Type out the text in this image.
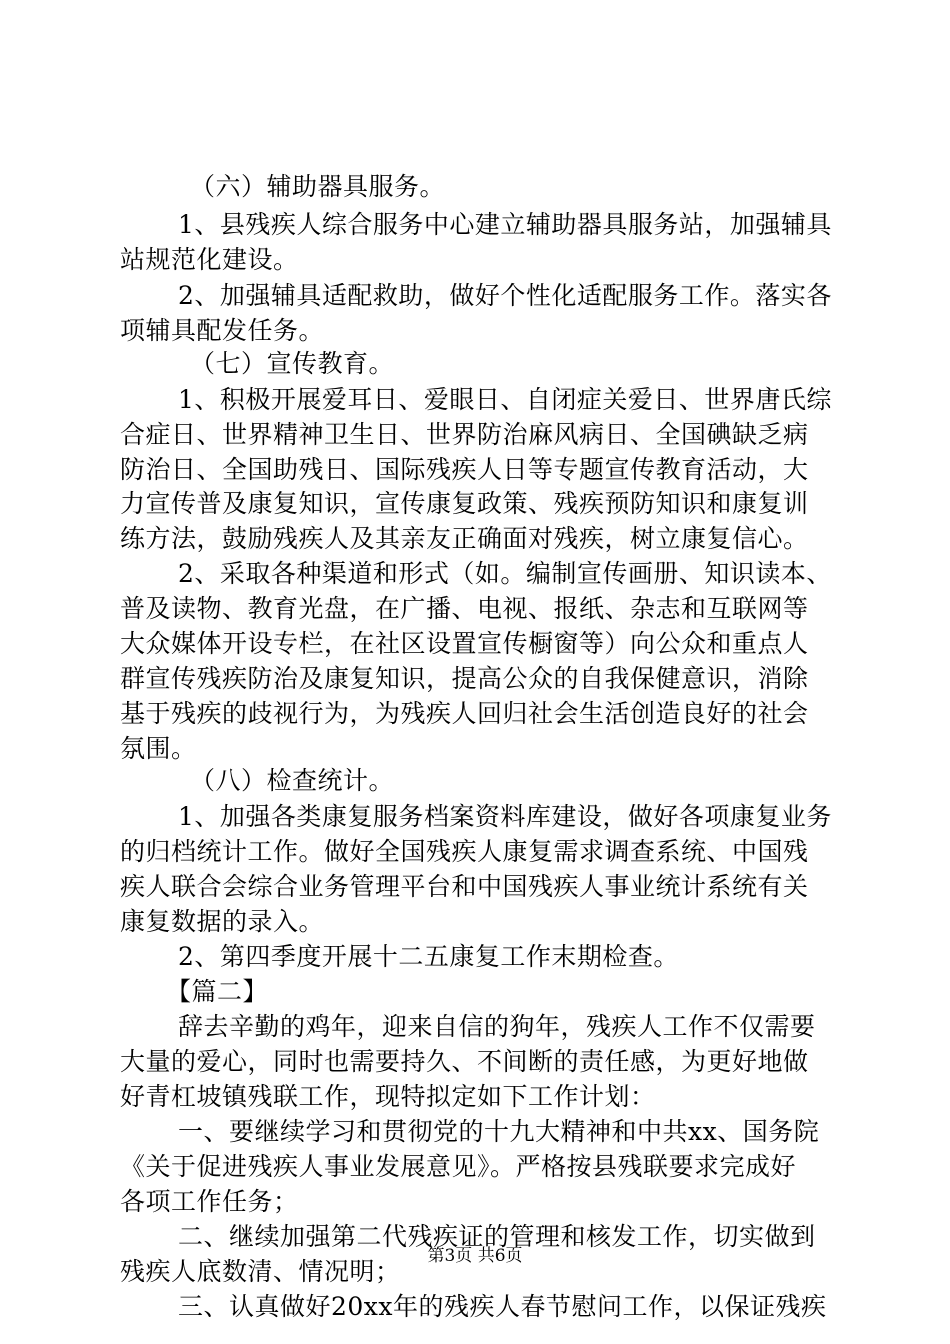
（六）辅助器具服务。
1、县残疾人综合服务中心建立辅助器具服务站，加强辅具
站规范化建设。
2、加强辅具适配救助，做好个性化适配服务工作。落实各
项辅具配发任务。
（七）宣传教育。
1、积极开展爱耳日、爱眼日、自闭症关爱日、世界唐氏综
合症日、世界精神卫生日、世界防治麻风病日、全国碘缺乏病
防治日、全国助残日、国际残疾人日等专题宣传教育活动，大
力宣传普及康复知识，宣传康复政策、残疾预防知识和康复训
练方法，鼓励残疾人及其亲友正确面对残疾，树立康复信心。
2、采取各种渠道和形式（如。编制宣传画册、知识读本、
普及读物、教育光盘，在广播、电视、报纸、杂志和互联网等
大众媒体开设专栏，在社区设置宣传橱窗等）向公众和重点人
群宣传残疾防治及康复知识，提高公众的自我保健意识，消除
基于残疾的歧视行为，为残疾人回归社会生活创造良好的社会
氛围。
（八）检查统计。
1、加强各类康复服务档案资料库建设，做好各项康复业务
的归档统计工作。做好全国残疾人康复需求调查系统、中国残
疾人联合会综合业务管理平台和中国残疾人事业统计系统有关
康复数据的录入。
2、第四季度开展十二五康复工作末期检查。
【篇二】
辞去辛勤的鸡年，迎来自信的狗年，残疾人工作不仅需要
大量的爱心，同时也需要持久、不间断的责任感，为更好地做
好青杠坡镇残联工作，现特拟定如下工作计划：
一、要继续学习和贯彻党的十九大精神和中共xx、国务院
《关于促进残疾人事业发展意见》。严格按县残联要求完成好
各项工作任务；
二、继续加强第二代残疾证的管理和核发工作，切实做到
残疾人底数清、情况明；
三、认真做好20xx年的残疾人春节慰问工作，以保证残疾
第3页 共6页
